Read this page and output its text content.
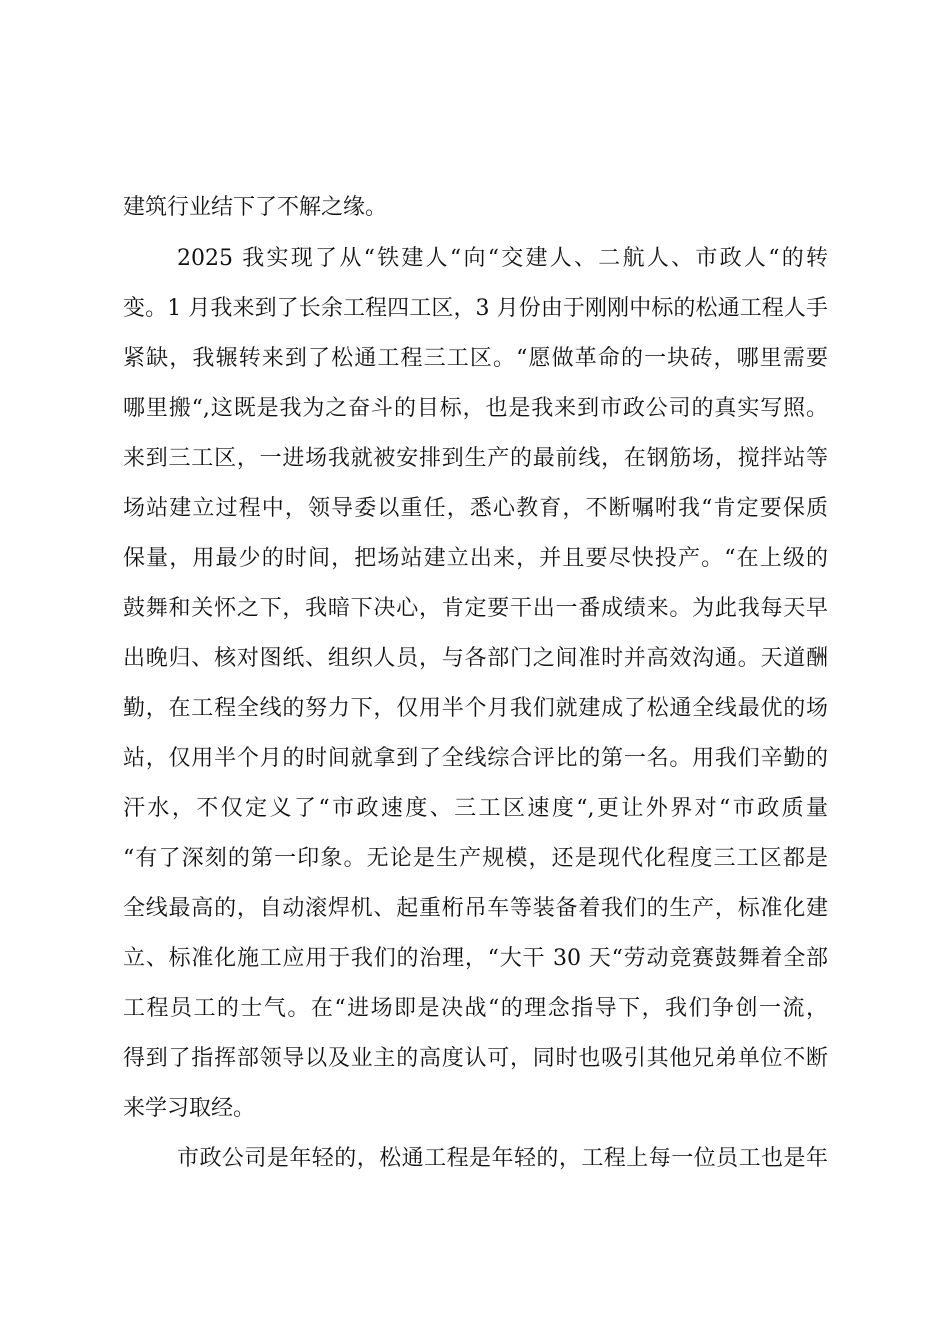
建筑行业结下了不解之缘。
2025 我实现了从“铁建人“向“交建人、二航人、市政人“的转
变。1 月我来到了长余工程四工区，3 月份由于刚刚中标的松通工程人手
紧缺，我辗转来到了松通工程三工区。“愿做革命的一块砖，哪里需要
哪里搬“,这既是我为之奋斗的目标，也是我来到市政公司的真实写照。
来到三工区，一进场我就被安排到生产的最前线，在钢筋场，搅拌站等
场站建立过程中，领导委以重任，悉心教育，不断嘱咐我“肯定要保质
保量，用最少的时间，把场站建立出来，并且要尽快投产。“在上级的
鼓舞和关怀之下，我暗下决心，肯定要干出一番成绩来。为此我每天早
出晚归、核对图纸、组织人员，与各部门之间准时并高效沟通。天道酬
勤，在工程全线的努力下，仅用半个月我们就建成了松通全线最优的场
站，仅用半个月的时间就拿到了全线综合评比的第一名。用我们辛勤的
汗水，不仅定义了“市政速度、三工区速度“,更让外界对“市政质量
“有了深刻的第一印象。无论是生产规模，还是现代化程度三工区都是
全线最高的，自动滚焊机、起重桁吊车等装备着我们的生产，标准化建
立、标准化施工应用于我们的治理，“大干 30 天“劳动竞赛鼓舞着全部
工程员工的士气。在“进场即是决战“的理念指导下，我们争创一流，
得到了指挥部领导以及业主的高度认可，同时也吸引其他兄弟单位不断
来学习取经。
市政公司是年轻的，松通工程是年轻的，工程上每一位员工也是年
